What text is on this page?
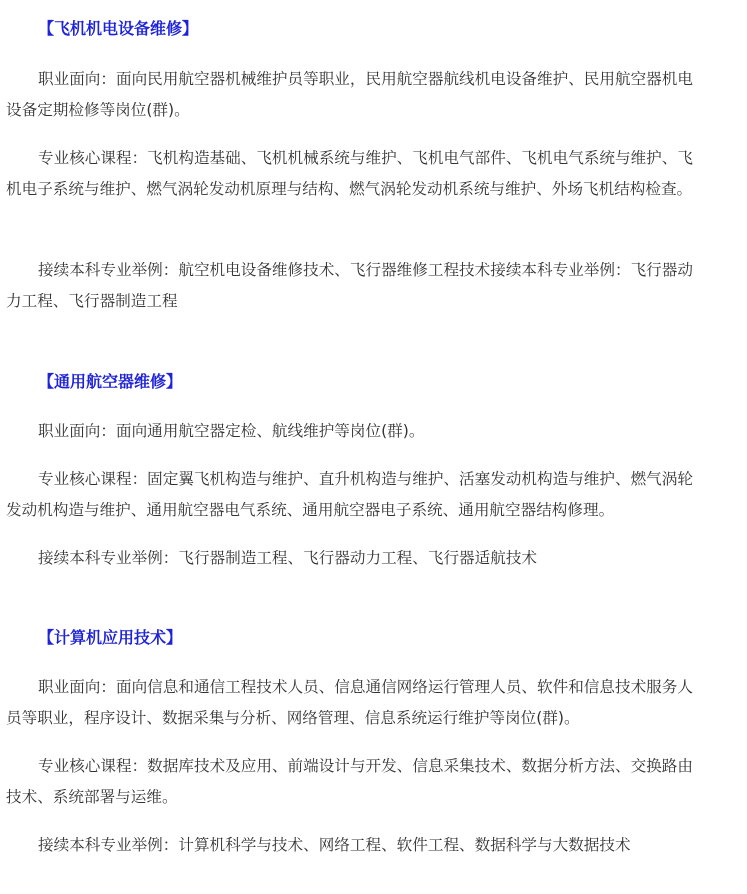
【飞机机电设备维修】

职业面向：面向民用航空器机械维护员等职业，民用航空器航线机电设备维护、民用航空器机电设备定期检修等岗位(群)。

专业核心课程：飞机构造基础、飞机机械系统与维护、飞机电气部件、飞机电气系统与维护、飞机电子系统与维护、燃气涡轮发动机原理与结构、燃气涡轮发动机系统与维护、外场飞机结构检查。

接续本科专业举例：航空机电设备维修技术、飞行器维修工程技术接续本科专业举例：飞行器动力工程、飞行器制造工程

【通用航空器维修】

职业面向：面向通用航空器定检、航线维护等岗位(群)。

专业核心课程：固定翼飞机构造与维护、直升机构造与维护、活塞发动机构造与维护、燃气涡轮发动机构造与维护、通用航空器电气系统、通用航空器电子系统、通用航空器结构修理。

接续本科专业举例：飞行器制造工程、飞行器动力工程、飞行器适航技术

【计算机应用技术】

职业面向：面向信息和通信工程技术人员、信息通信网络运行管理人员、软件和信息技术服务人员等职业，程序设计、数据采集与分析、网络管理、信息系统运行维护等岗位(群)。

专业核心课程：数据库技术及应用、前端设计与开发、信息采集技术、数据分析方法、交换路由技术、系统部署与运维。

接续本科专业举例：计算机科学与技术、网络工程、软件工程、数据科学与大数据技术
